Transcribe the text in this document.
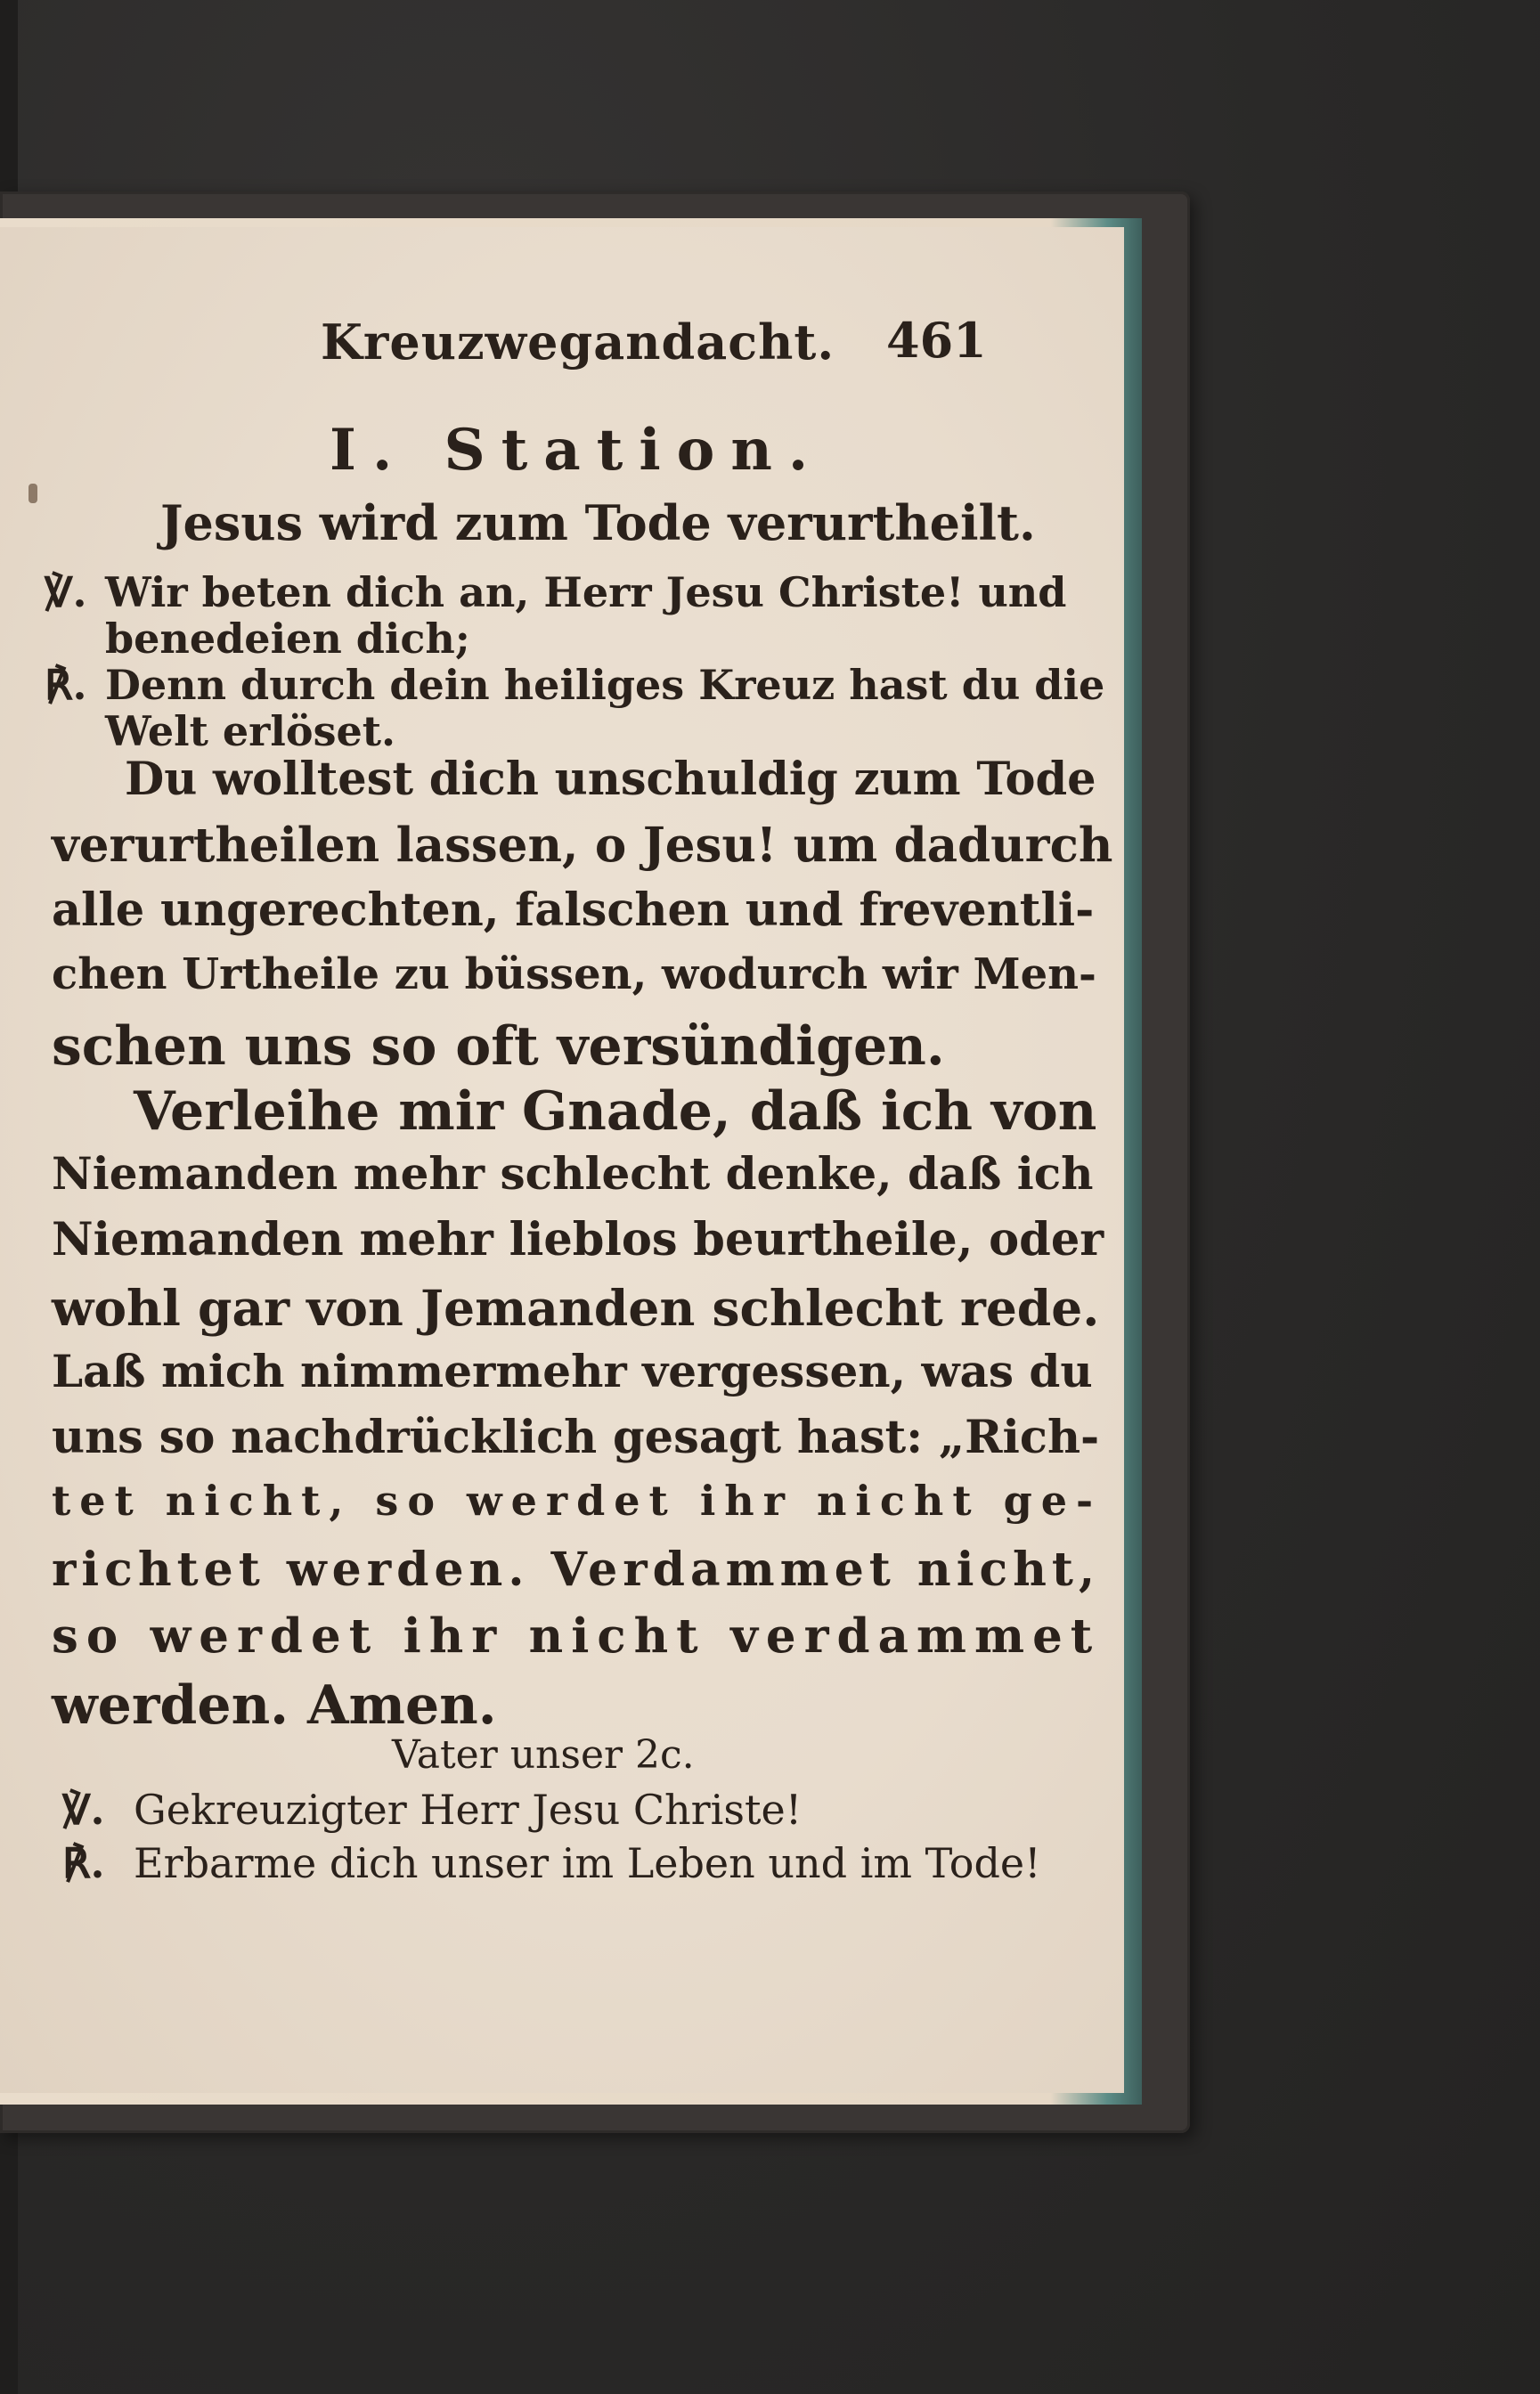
Kreuzwegandacht. 461
I. Station.
Jesus wird zum Tode verurtheilt.
℣. Wir beten dich an, Herr Jesu Christe! und
benedeien dich;
℟. Denn durch dein heiliges Kreuz hast du die
Welt erlöset.
Du wolltest dich unschuldig zum Tode
verurtheilen lassen, o Jesu! um dadurch
alle ungerechten, falschen und freventli-
chen Urtheile zu büssen, wodurch wir Men-
schen uns so oft versündigen.
Verleihe mir Gnade, daß ich von
Niemanden mehr schlecht denke, daß ich
Niemanden mehr lieblos beurtheile, oder
wohl gar von Jemanden schlecht rede.
Laß mich nimmermehr vergessen, was du
uns so nachdrücklich gesagt hast: „Rich-
tet nicht, so werdet ihr nicht ge-
richtet werden. Verdammet nicht,
so werdet ihr nicht verdammet
werden. Amen.
Vater unser 2c.
℣. Gekreuzigter Herr Jesu Christe!
℟. Erbarme dich unser im Leben und im Tode!
